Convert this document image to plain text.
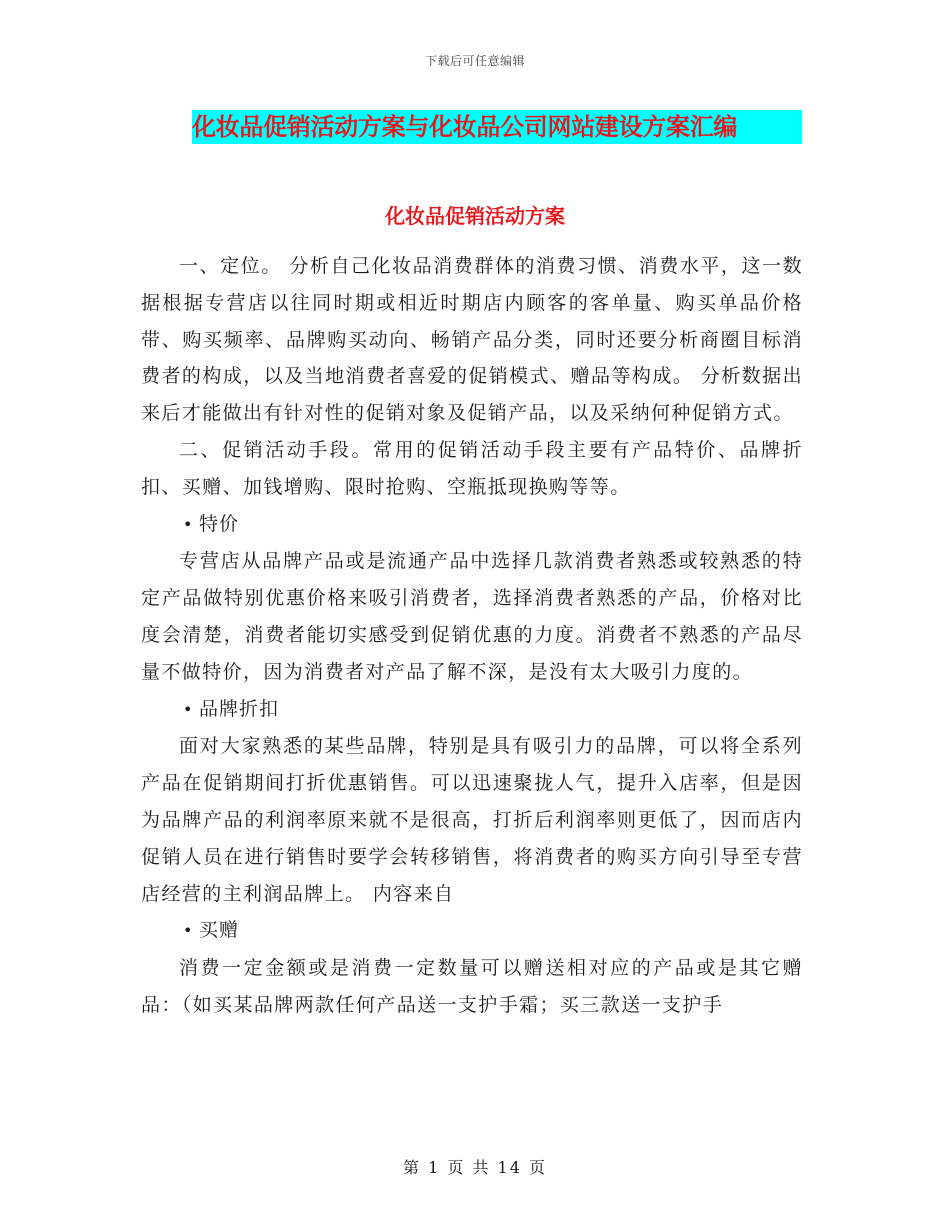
下载后可任意编辑
化妆品促销活动方案与化妆品公司网站建设方案汇编
化妆品促销活动方案

一、定位。 分析自己化妆品消费群体的消费习惯、消费水平，这一数据根据专营店以往同时期或相近时期店内顾客的客单量、购买单品价格带、购买频率、品牌购买动向、畅销产品分类，同时还要分析商圈目标消费者的构成，以及当地消费者喜爱的促销模式、赠品等构成。 分析数据出来后才能做出有针对性的促销对象及促销产品，以及采纳何种促销方式。

二、促销活动手段。常用的促销活动手段主要有产品特价、品牌折扣、买赠、加钱增购、限时抢购、空瓶抵现换购等等。

• 特价

专营店从品牌产品或是流通产品中选择几款消费者熟悉或较熟悉的特定产品做特别优惠价格来吸引消费者，选择消费者熟悉的产品，价格对比度会清楚，消费者能切实感受到促销优惠的力度。消费者不熟悉的产品尽量不做特价，因为消费者对产品了解不深，是没有太大吸引力度的。

• 品牌折扣

面对大家熟悉的某些品牌，特别是具有吸引力的品牌，可以将全系列产品在促销期间打折优惠销售。可以迅速聚拢人气，提升入店率，但是因为品牌产品的利润率原来就不是很高，打折后利润率则更低了，因而店内促销人员在进行销售时要学会转移销售，将消费者的购买方向引导至专营店经营的主利润品牌上。 内容来自

• 买赠

消费一定金额或是消费一定数量可以赠送相对应的产品或是其它赠品：（如买某品牌两款任何产品送一支护手霜；买三款送一支护手

第 1 页 共 14 页
